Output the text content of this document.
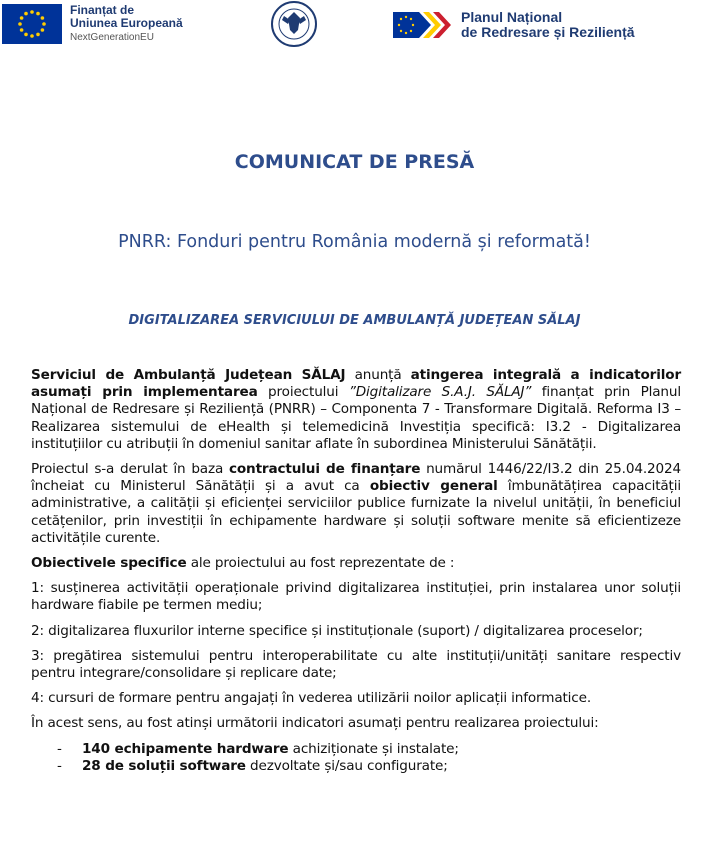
Finanțat de
Uniunea Europeană
NextGenerationEU
Planul Național
de Redresare și Reziliență
COMUNICAT DE PRESĂ
PNRR: Fonduri pentru România modernă și reformată!
DIGITALIZAREA SERVICIULUI DE AMBULANȚĂ JUDEȚEAN SĂLAJ

Serviciul de Ambulanță Județean SĂLAJ anunță atingerea integrală a indicatorilor asumați prin implementarea proiectului ”Digitalizare S.A.J. SĂLAJ” finanțat prin Planul Național de Redresare și Reziliență (PNRR) – Componenta 7 - Transformare Digitală. Reforma I3 – Realizarea sistemului de eHealth și telemedicină Investiția specifică: I3.2 - Digitalizarea instituțiilor cu atribuții în domeniul sanitar aflate în subordinea Ministerului Sănătății.

Proiectul s-a derulat în baza contractului de finanțare numărul 1446/22/I3.2 din 25.04.2024 încheiat cu Ministerul Sănătății și a avut ca obiectiv general îmbunătățirea capacității administrative, a calității și eficienței serviciilor publice furnizate la nivelul unității, în beneficiul cetățenilor, prin investiții în echipamente hardware și soluții software menite să eficientizeze activitățile curente.

Obiectivele specifice ale proiectului au fost reprezentate de :

1: susținerea activității operaționale privind digitalizarea instituției, prin instalarea unor soluții hardware fiabile pe termen mediu;

2: digitalizarea fluxurilor interne specifice și instituționale (suport) / digitalizarea proceselor;

3: pregătirea sistemului pentru interoperabilitate cu alte instituții/unități sanitare respectiv pentru integrare/consolidare și replicare date;

4: cursuri de formare pentru angajați în vederea utilizării noilor aplicații informatice.

În acest sens, au fost atinși următorii indicatori asumați pentru realizarea proiectului:

- 140 echipamente hardware achiziționate și instalate;
- 28 de soluții software dezvoltate și/sau configurate;
